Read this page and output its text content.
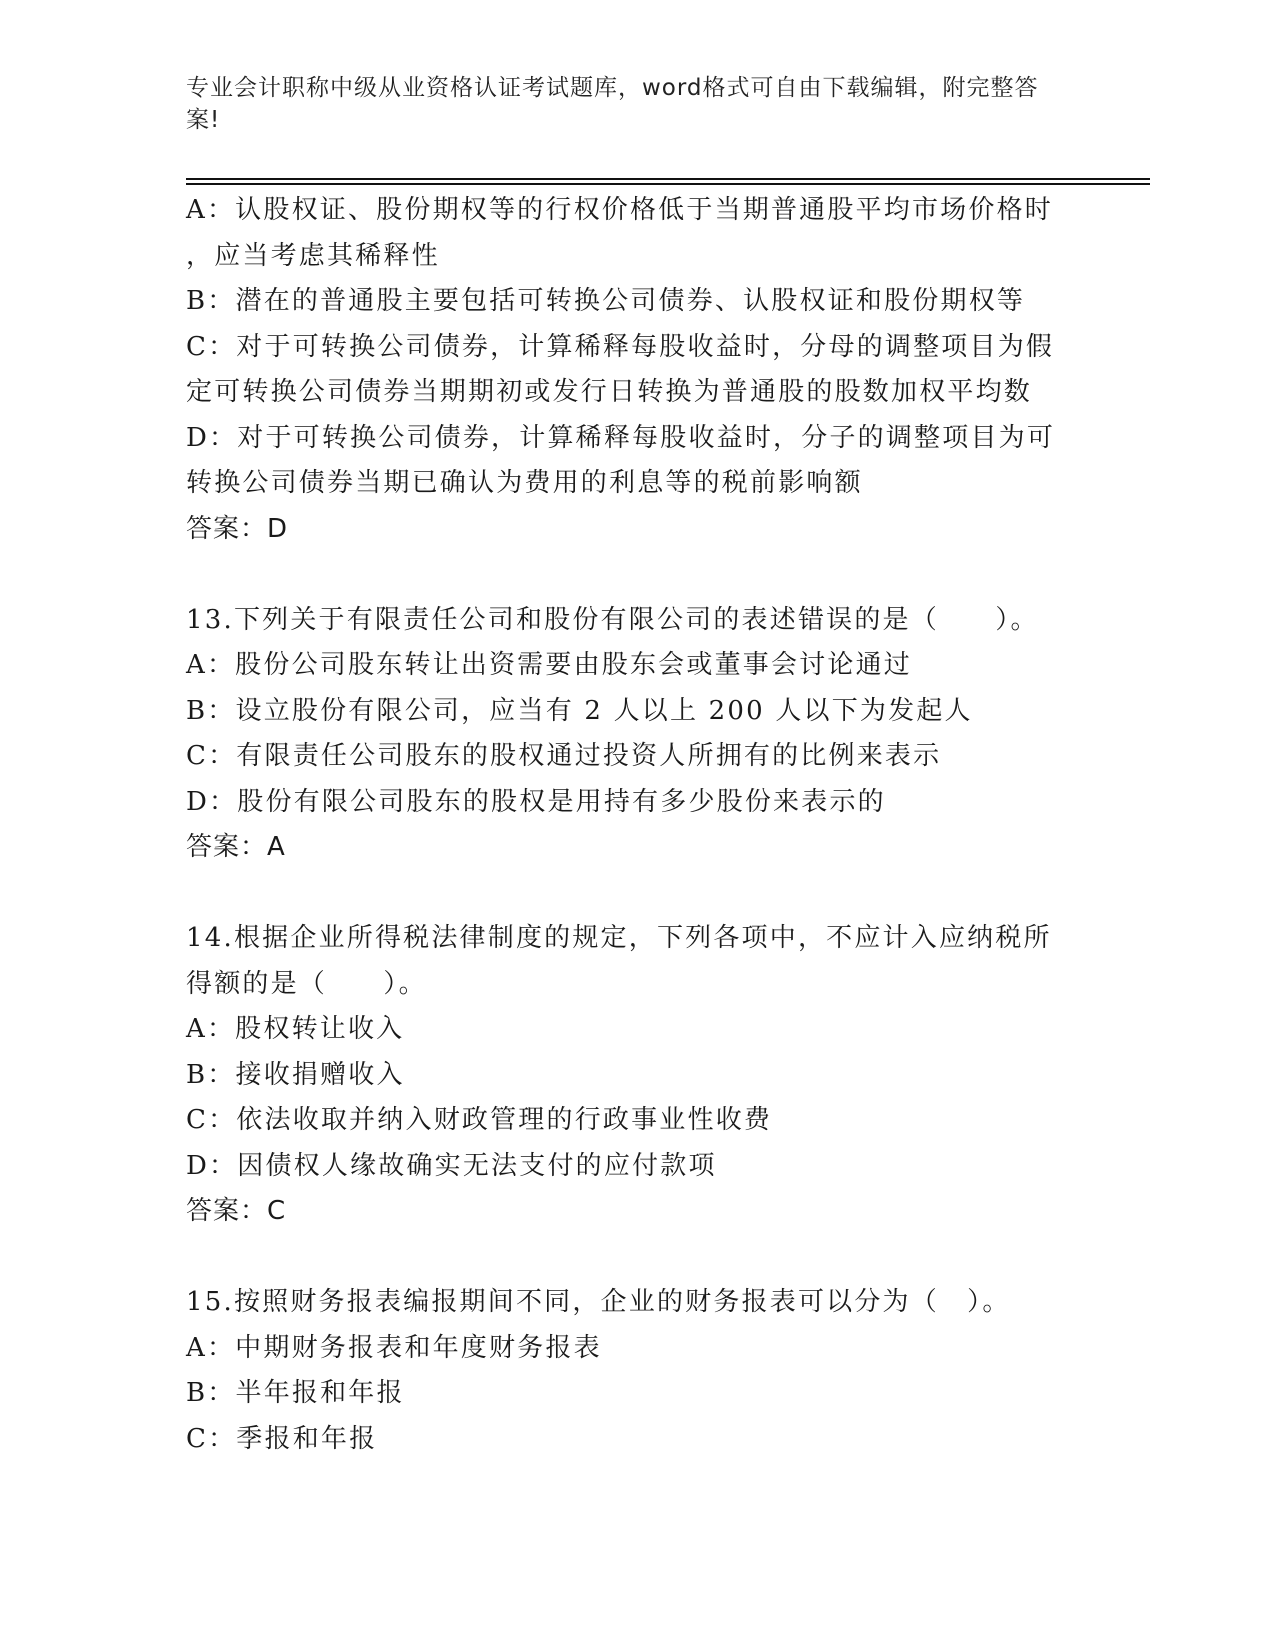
专业会计职称中级从业资格认证考试题库，word格式可自由下载编辑，附完整答
案!
A：认股权证、股份期权等的行权价格低于当期普通股平均市场价格时
，应当考虑其稀释性
B：潜在的普通股主要包括可转换公司债券、认股权证和股份期权等
C：对于可转换公司债券，计算稀释每股收益时，分母的调整项目为假
定可转换公司债券当期期初或发行日转换为普通股的股数加权平均数
D：对于可转换公司债券，计算稀释每股收益时，分子的调整项目为可
转换公司债券当期已确认为费用的利息等的税前影响额
答案：D
13.下列关于有限责任公司和股份有限公司的表述错误的是（　　）。
A：股份公司股东转让出资需要由股东会或董事会讨论通过
B：设立股份有限公司，应当有 2 人以上 200 人以下为发起人
C：有限责任公司股东的股权通过投资人所拥有的比例来表示
D：股份有限公司股东的股权是用持有多少股份来表示的
答案：A
14.根据企业所得税法律制度的规定，下列各项中，不应计入应纳税所
得额的是（　　）。
A：股权转让收入
B：接收捐赠收入
C：依法收取并纳入财政管理的行政事业性收费
D：因债权人缘故确实无法支付的应付款项
答案：C
15.按照财务报表编报期间不同，企业的财务报表可以分为（　）。
A：中期财务报表和年度财务报表
B：半年报和年报
C：季报和年报
